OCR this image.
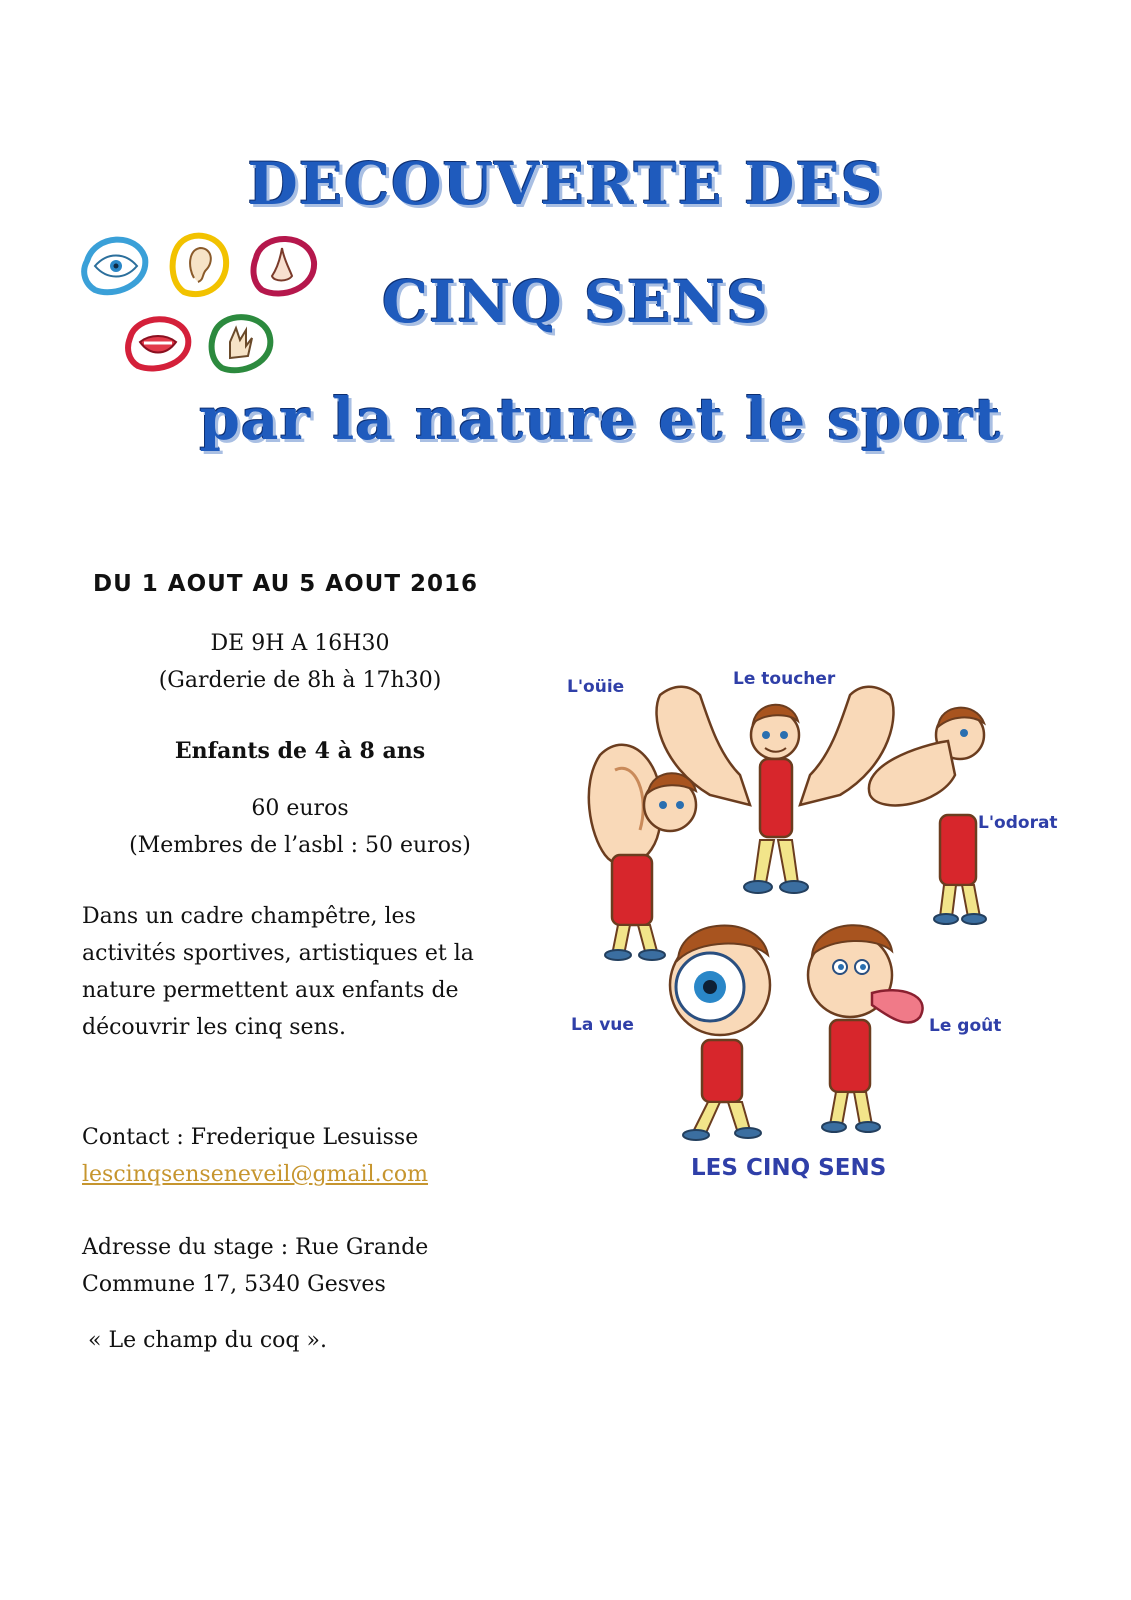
DECOUVERTE DES
CINQ SENS
par la nature et le sport
DU 1 AOUT AU 5 AOUT 2016
DE 9H A 16H30
(Garderie de 8h à 17h30)
Enfants de 4 à 8 ans
60 euros
(Membres de l’asbl : 50 euros)
Dans un cadre champêtre, les
activités sportives, artistiques et la
nature permettent aux enfants de
découvrir les cinq sens.
Contact : Frederique Lesuisse
lescinqsenseneveil@gmail.com
Adresse du stage : Rue Grande
Commune 17, 5340 Gesves
« Le champ du coq ».
L'oüie	Le toucher
L'odorat
La vue	Le goût
LES CINQ SENS
